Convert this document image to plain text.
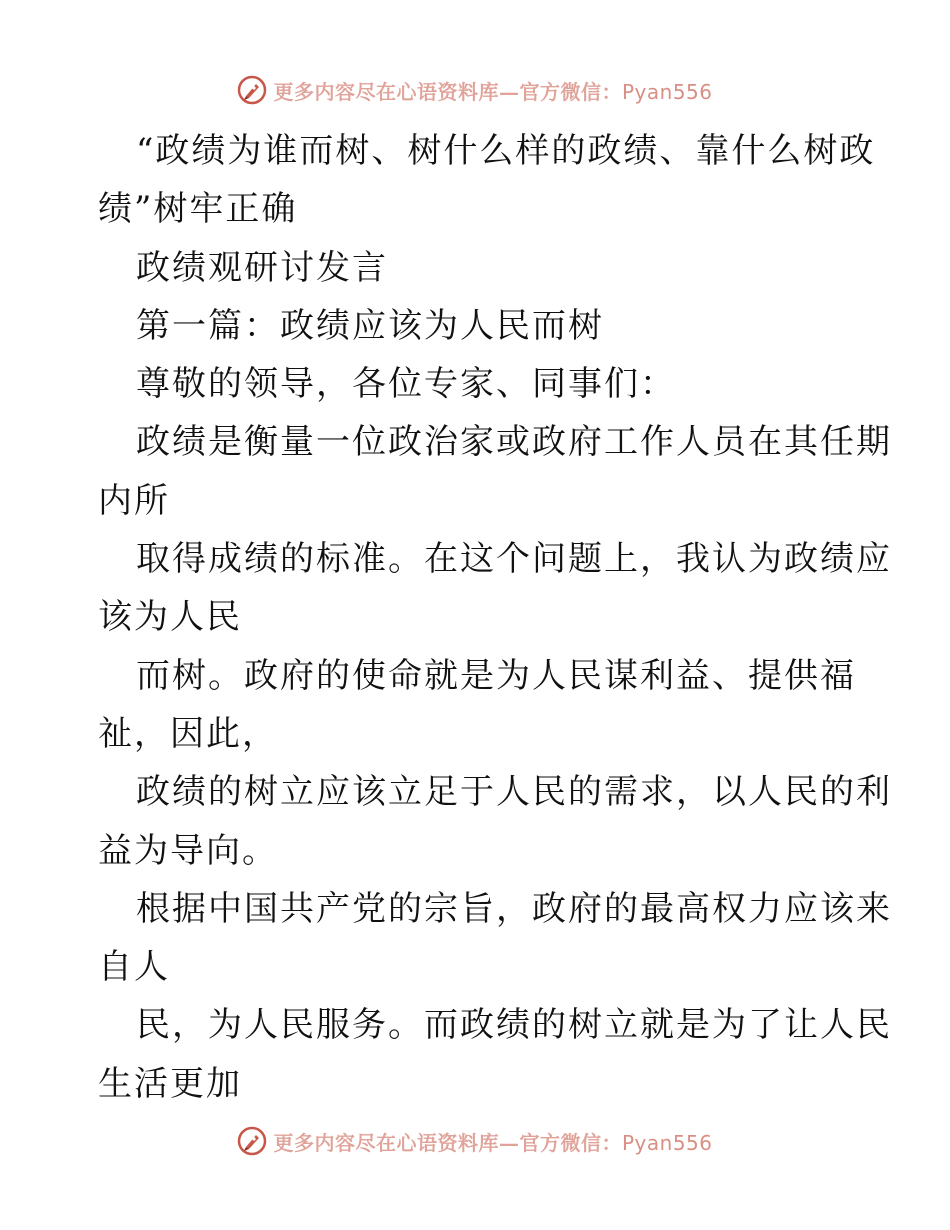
更多内容尽在心语资料库—官方微信：Pyan556
“政绩为谁而树、树什么样的政绩、靠什么树政
绩”树牢正确
政绩观研讨发言
第一篇：政绩应该为人民而树
尊敬的领导，各位专家、同事们：
政绩是衡量一位政治家或政府工作人员在其任期
内所
取得成绩的标准。在这个问题上，我认为政绩应
该为人民
而树。政府的使命就是为人民谋利益、提供福
祉，因此，
政绩的树立应该立足于人民的需求，以人民的利
益为导向。
根据中国共产党的宗旨，政府的最高权力应该来
自人
民，为人民服务。而政绩的树立就是为了让人民
生活更加
更多内容尽在心语资料库—官方微信：Pyan556
